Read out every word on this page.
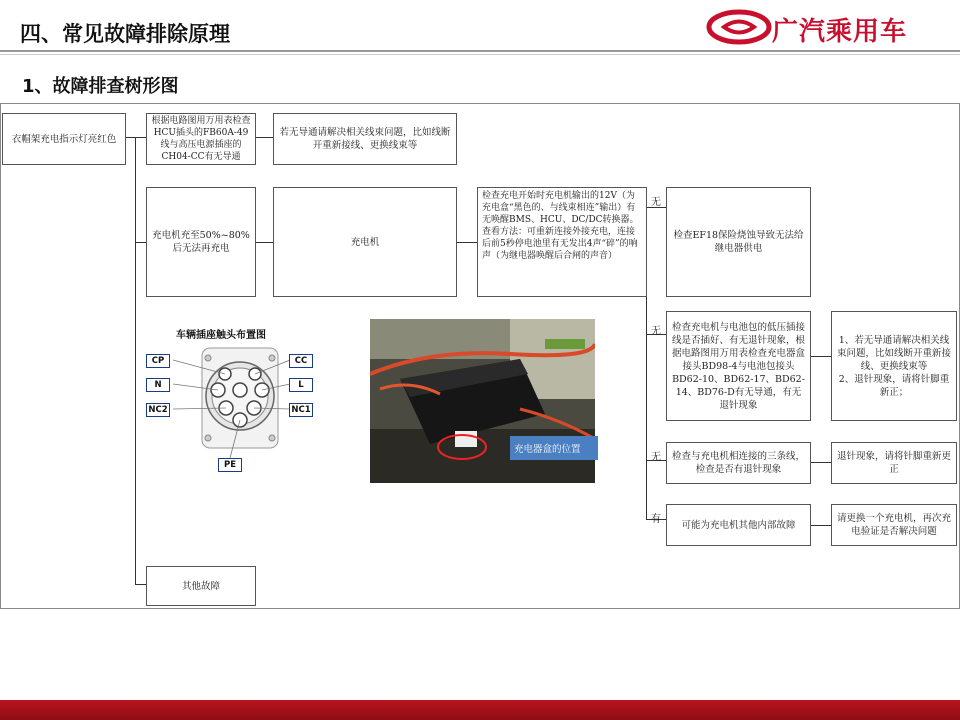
四、常见故障排除原理	广汽乘用车
1、故障排查树形图
衣帽架充电指示灯亮红色
根据电路图用万用表检查HCU插头的FB60A-49线与高压电源插座的CH04-CC有无导通
若无导通请解决相关线束问题，比如线断开重新接线、更换线束等
充电机充至50%~80%后无法再充电
充电机
检查充电开始时充电机输出的12V（为充电盒“黑色的、与线束相连”输出）有无唤醒BMS、HCU、DC/DC转换器。
查看方法：可重新连接外接充电，连接后前5秒停电池里有无发出4声“碎”的响声（为继电器唤醒后合闸的声音）
无
检查EF18保险烧蚀导致无法给继电器供电
无	检查充电机与电池包的低压插接线是否插好、有无退针现象，根据电路图用万用表检查充电器盒接头BD98-4与电池包接头BD62-10、BD62-17、BD62-14、BD76-D有无导通，有无退针现象
1、若无导通请解决相关线束问题，比如线断开重新接线、更换线束等
2、退针现象，请将针脚重新正；
无	检查与充电机相连接的三条线，检查是否有退针现象
退针现象，请将针脚重新更正
有	可能为充电机其他内部故障
请更换一个充电机，再次充电验证是否解决问题
其他故障
车辆插座触头布置图
CP
N
NC2
CC
L
NC1
PE
充电器盒的位置
